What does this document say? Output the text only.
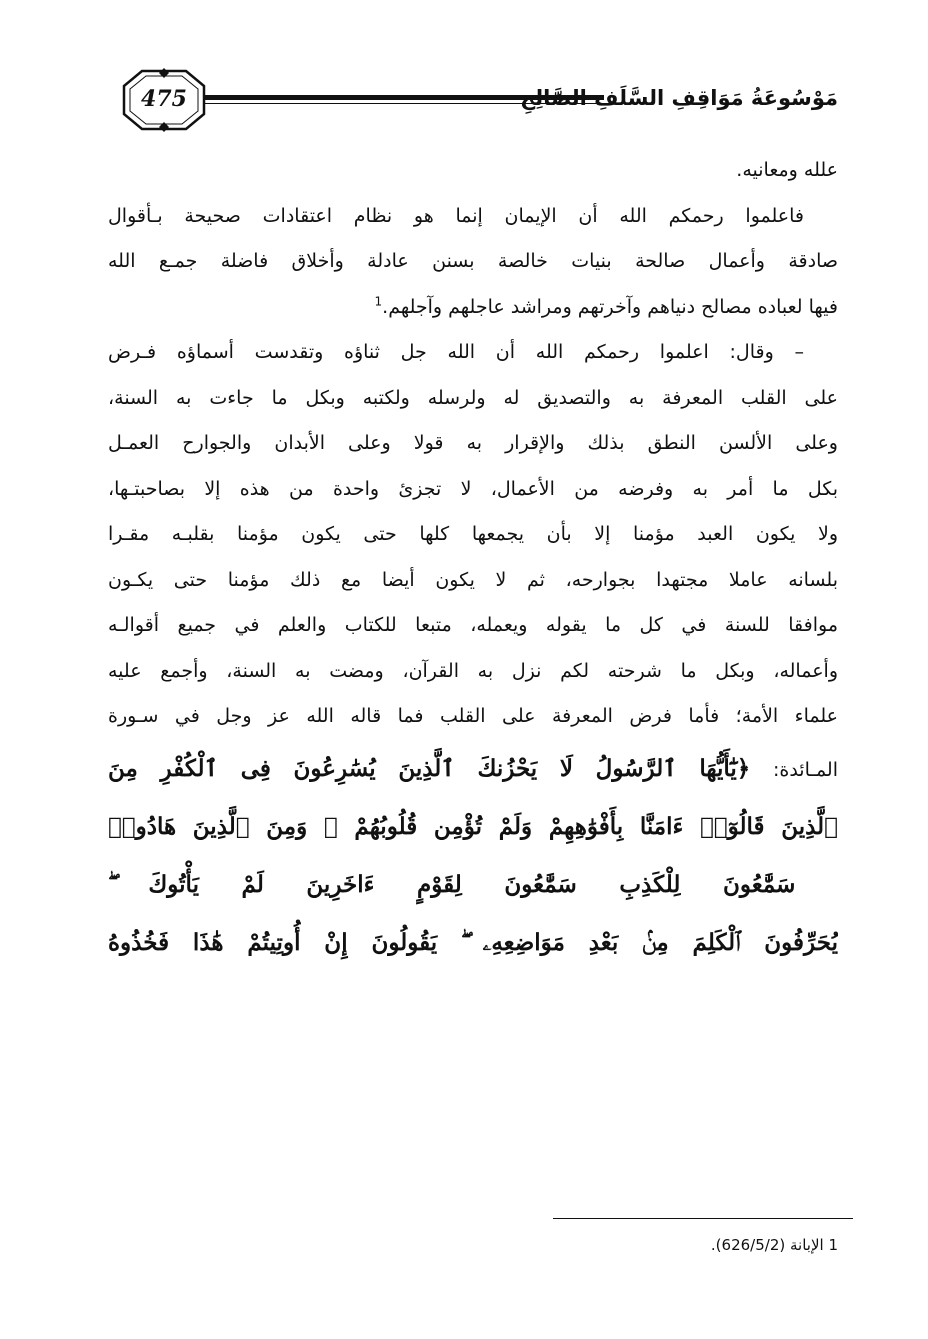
475	مَوْسُوعَةُ مَوَاقِفِ السَّلَفِ الصَّالِحِ
علله ومعانيه.
فاعلموا رحمكم الله أن الإيمان إنما هو نظام اعتقادات صحيحة بـأقوال
صادقة وأعمال صالحة بنيات خالصة بسنن عادلة وأخلاق فاضلة جمـع الله
فيها لعباده مصالح دنياهم وآخرتهم ومراشد عاجلهم وآجلهم.$^1$
– وقال: اعلموا رحمكم الله أن الله جل ثناؤه وتقدست أسماؤه فـرض
على القلب المعرفة به والتصديق له ولرسله ولكتبه وبكل ما جاءت به السنة،
وعلى الألسن النطق بذلك والإقرار به قولا وعلى الأبدان والجوارح العمـل
بكل ما أمر به وفرضه من الأعمال، لا تجزئ واحدة من هذه إلا بصاحبتـها،
ولا يكون العبد مؤمنا إلا بأن يجمعها كلها حتى يكون مؤمنا بقلبـه مقـرا
بلسانه عاملا مجتهدا بجوارحه، ثم لا يكون أيضا مع ذلك مؤمنا حتى يكـون
موافقا للسنة في كل ما يقوله ويعمله، متبعا للكتاب والعلم في جميع أقوالـه
وأعماله، وبكل ما شرحته لكم نزل به القرآن، ومضت به السنة، وأجمع عليه
علماء الأمة؛ فأما فرض المعرفة على القلب فما قاله الله عز وجل في سـورة
المـائدة: ﴿يَٰٓأَيُّهَا ٱلرَّسُولُ لَا يَحْزُنكَ ٱلَّذِينَ يُسَٰرِعُونَ فِى ٱلْكُفْرِ مِنَ
ٱلَّذِينَ قَالُوٓا۟ ءَامَنَّا بِأَفْوَٰهِهِمْ وَلَمْ تُؤْمِن قُلُوبُهُمْ ۛ وَمِنَ ٱلَّذِينَ هَادُوا۟
ۛ سَمَّٰعُونَ لِلْكَذِبِ سَمَّٰعُونَ لِقَوْمٍ ءَاخَرِينَ لَمْ يَأْتُوكَ ۖ
يُحَرِّفُونَ ٱلْكَلِمَ مِنۢ بَعْدِ مَوَاضِعِهِۦ ۖ يَقُولُونَ إِنْ أُوتِيتُمْ هَٰذَا فَخُذُوهُ
1 الإبانة (626/5/2).
